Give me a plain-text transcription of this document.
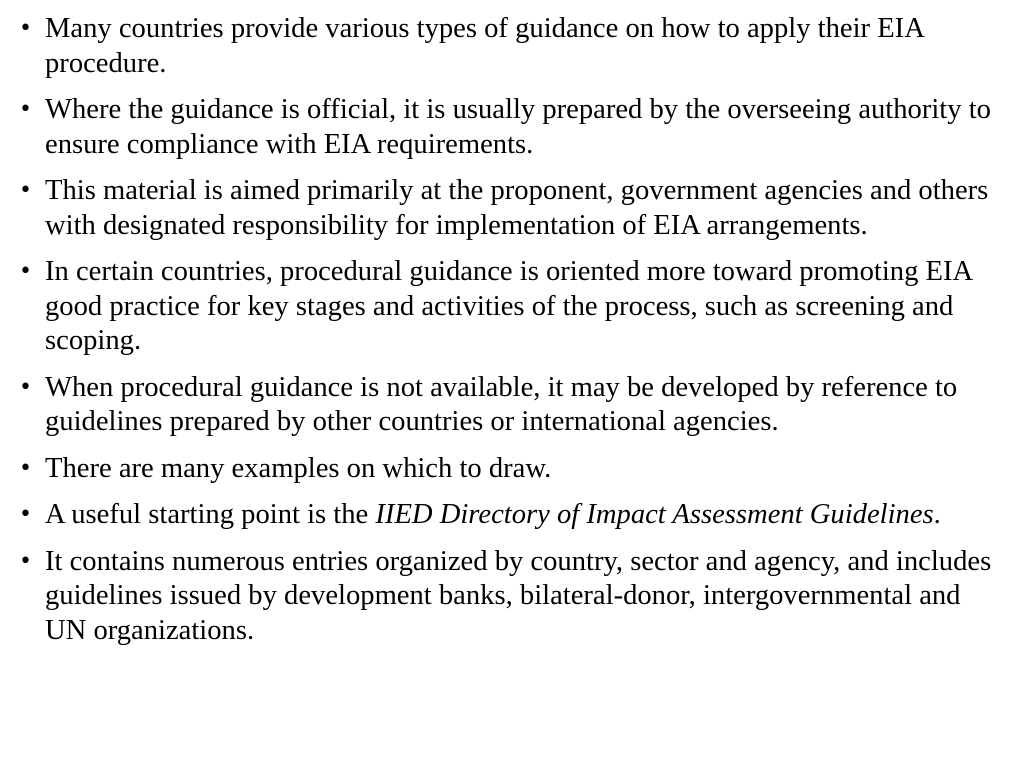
• Many countries provide various types of guidance on how to apply their EIA procedure.
• Where the guidance is official, it is usually prepared by the overseeing authority to ensure compliance with EIA requirements.
• This material is aimed primarily at the proponent, government agencies and others with designated responsibility for implementation of EIA arrangements.
• In certain countries, procedural guidance is oriented more toward promoting EIA good practice for key stages and activities of the process, such as screening and scoping.
• When procedural guidance is not available, it may be developed by reference to guidelines prepared by other countries or international agencies.
• There are many examples on which to draw.
• A useful starting point is the IIED Directory of Impact Assessment Guidelines.
• It contains numerous entries organized by country, sector and agency, and includes guidelines issued by development banks, bilateral-donor, intergovernmental and UN organizations.
